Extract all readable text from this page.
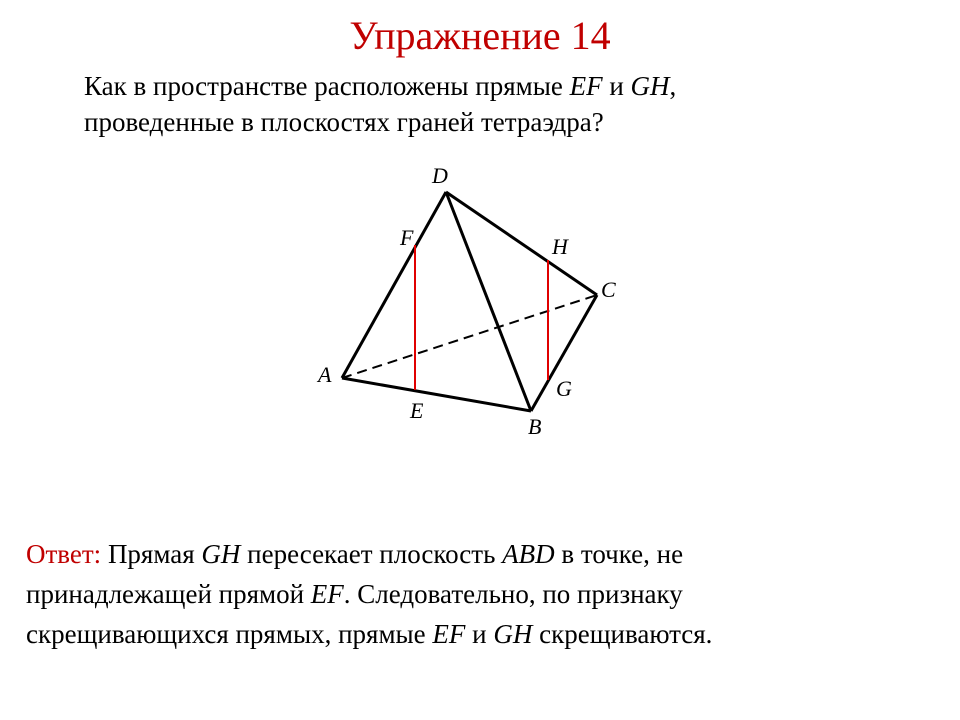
Упражнение 14
Как в пространстве расположены прямые EF и GH,
проведенные в плоскостях граней тетраэдра?
D
F	H
C
A
G
E
B
Ответ: Прямая GH пересекает плоскость ABD в точке, не
принадлежащей прямой EF. Следовательно, по признаку
скрещивающихся прямых, прямые EF и GH скрещиваются.
